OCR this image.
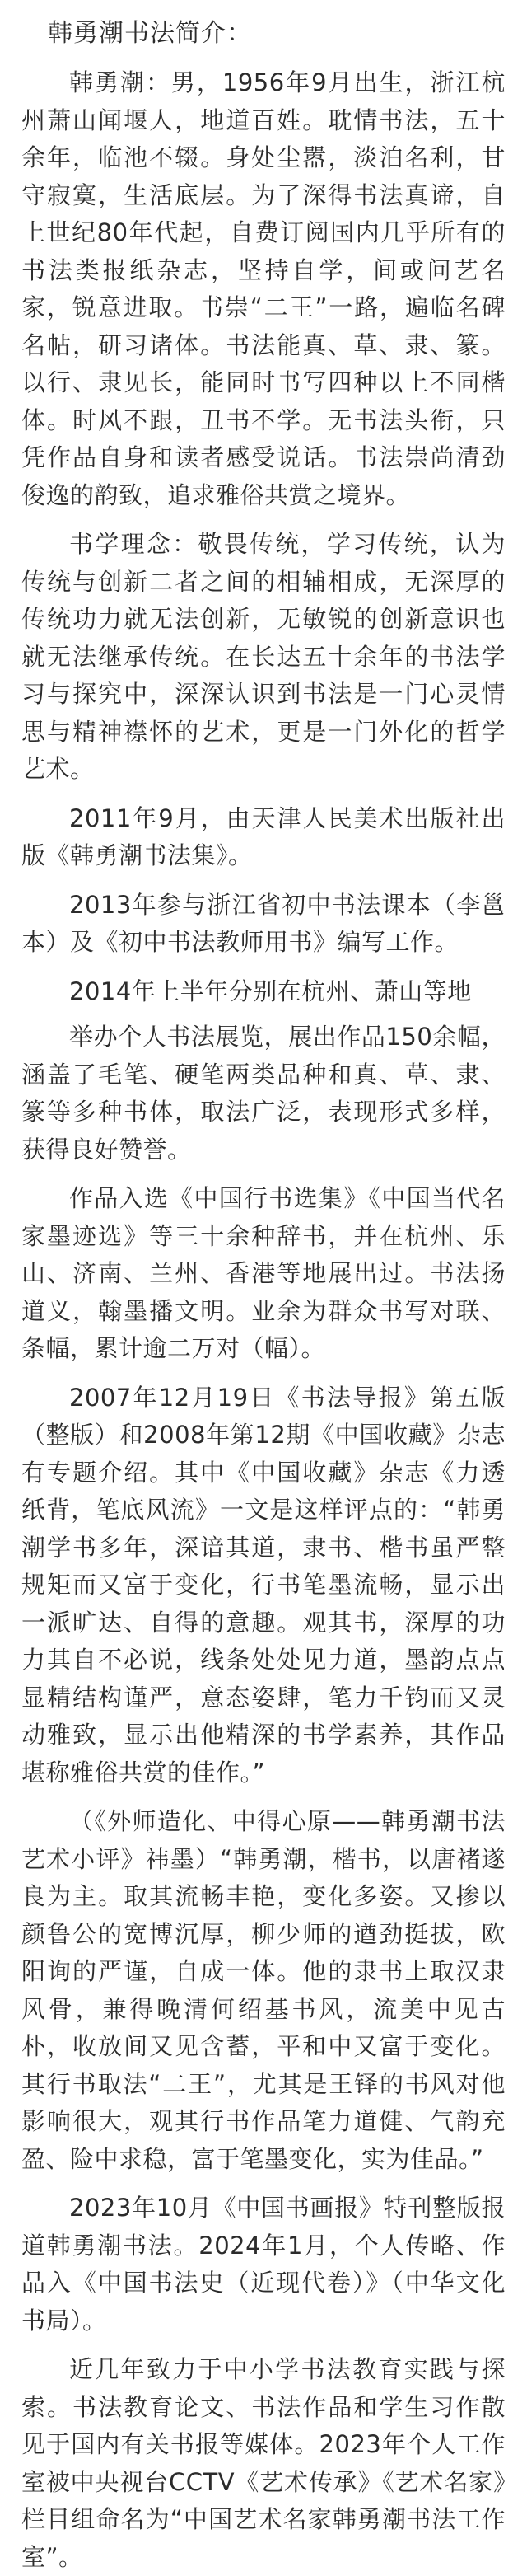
韩勇潮书法简介：

韩勇潮：男，1956年9月出生，浙江杭州萧山闻堰人，地道百姓。耽情书法，五十余年，临池不辍。身处尘嚣，淡泊名利，甘守寂寞，生活底层。为了深得书法真谛，自上世纪80年代起，自费订阅国内几乎所有的书法类报纸杂志，坚持自学，间或问艺名家，锐意进取。书崇“二王”一路，遍临名碑名帖，研习诸体。书法能真、草、隶、篆。以行、隶见长，能同时书写四种以上不同楷体。时风不跟，丑书不学。无书法头衔，只凭作品自身和读者感受说话。书法崇尚清劲俊逸的韵致，追求雅俗共赏之境界。

书学理念：敬畏传统，学习传统，认为传统与创新二者之间的相辅相成，无深厚的传统功力就无法创新，无敏锐的创新意识也就无法继承传统。在长达五十余年的书法学习与探究中，深深认识到书法是一门心灵情思与精神襟怀的艺术，更是一门外化的哲学艺术。

2011年9月，由天津人民美术出版社出版《韩勇潮书法集》。

2013年参与浙江省初中书法课本（李邕本）及《初中书法教师用书》编写工作。

2014年上半年分别在杭州、萧山等地

举办个人书法展览，展出作品150余幅，涵盖了毛笔、硬笔两类品种和真、草、隶、篆等多种书体，取法广泛，表现形式多样，获得良好赞誉。

作品入选《中国行书选集》《中国当代名家墨迹选》等三十余种辞书，并在杭州、乐山、济南、兰州、香港等地展出过。书法扬道义，翰墨播文明。业余为群众书写对联、条幅，累计逾二万对（幅）。

2007年12月19日《书法导报》第五版（整版）和2008年第12期《中国收藏》杂志有专题介绍。其中《中国收藏》杂志《力透纸背，笔底风流》一文是这样评点的：“韩勇潮学书多年，深谙其道，隶书、楷书虽严整规矩而又富于变化，行书笔墨流畅，显示出一派旷达、自得的意趣。观其书，深厚的功力其自不必说，线条处处见力道，墨韵点点显精结构谨严，意态姿肆，笔力千钧而又灵动雅致，显示出他精深的书学素养，其作品堪称雅俗共赏的佳作。”

（《外师造化、中得心原——韩勇潮书法艺术小评》祎墨）“韩勇潮，楷书，以唐褚遂良为主。取其流畅丰艳，变化多姿。又掺以颜鲁公的宽博沉厚，柳少师的遒劲挺拔，欧阳询的严谨，自成一体。他的隶书上取汉隶风骨，兼得晚清何绍基书风，流美中见古朴，收放间又见含蓄，平和中又富于变化。其行书取法“二王”，尤其是王铎的书风对他影响很大，观其行书作品笔力道健、气韵充盈、险中求稳，富于笔墨变化，实为佳品。”

2023年10月《中国书画报》特刊整版报道韩勇潮书法。2024年1月，个人传略、作品入《中国书法史（近现代卷）》（中华文化书局）。

近几年致力于中小学书法教育实践与探索。书法教育论文、书法作品和学生习作散见于国内有关书报等媒体。2023年个人工作室被中央视台CCTV《艺术传承》《艺术名家》栏目组命名为“中国艺术名家韩勇潮书法工作室”。
